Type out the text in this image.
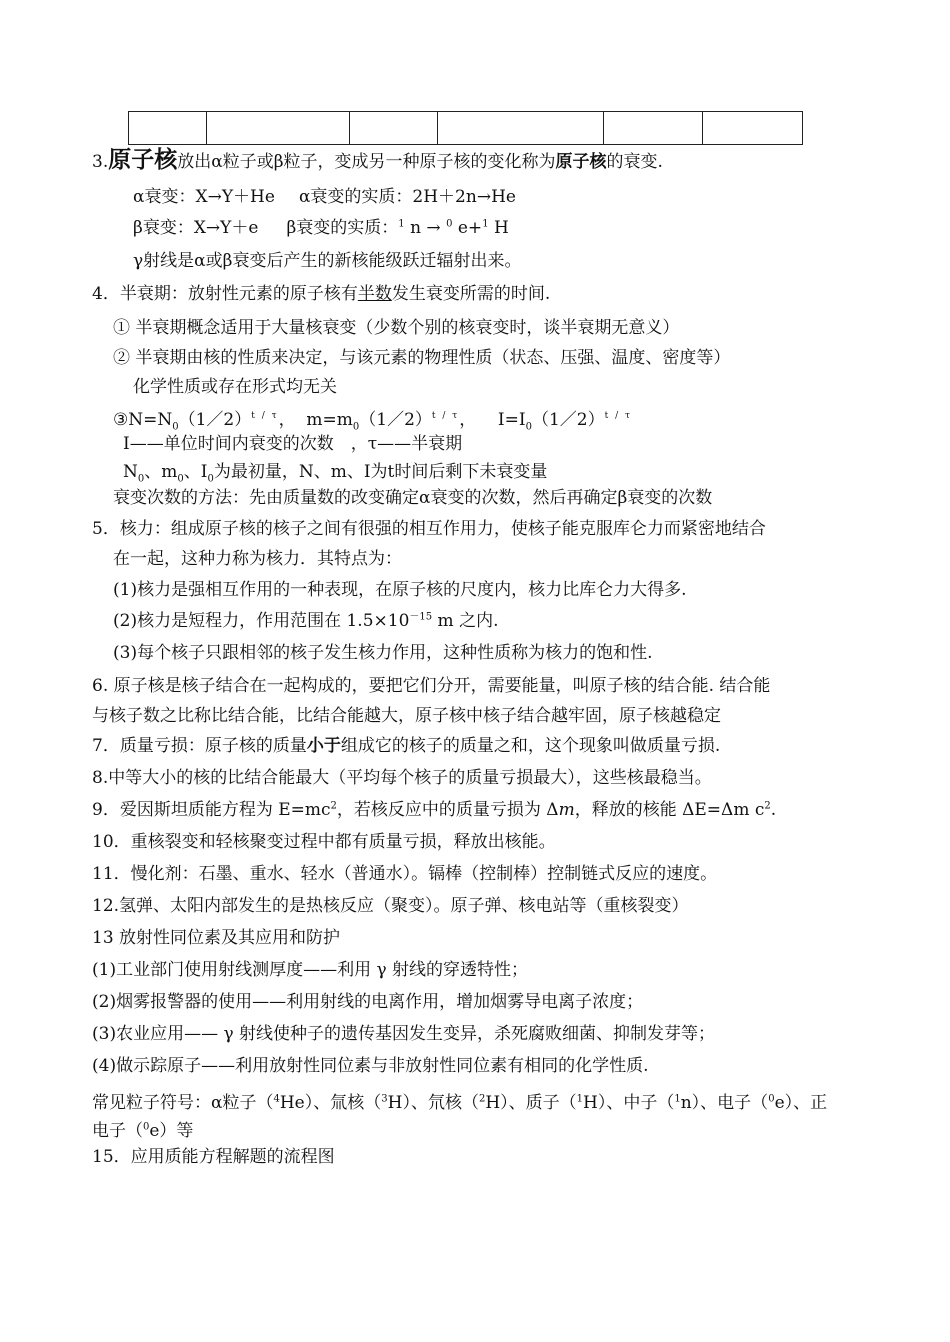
3.原子核放出α粒子或β粒子，变成另一种原子核的变化称为原子核的衰变.
α衰变：X→Y＋He α衰变的实质：2H＋2n→He
β衰变：X→Y＋e β衰变的实质：$^1$ n → $^0$ e+$^1$ H
γ射线是α或β衰变后产生的新核能级跃迁辐射出来。
4．半衰期：放射性元素的原子核有半数发生衰变所需的时间.
① 半衰期概念适用于大量核衰变（少数个别的核衰变时，谈半衰期无意义）
② 半衰期由核的性质来决定，与该元素的物理性质（状态、压强、温度、密度等）
化学性质或存在形式均无关
$③N=N_0(1/2)^{t / \tau}$， $m=m_0(1/2)^{t / \tau}$， $I=I_0(1/2)^{t / \tau}$
I——单位时间内衰变的次数　，τ——半衰期
$N_0$、$m_0$、$I_0$为最初量，N、m、I为t时间后剩下未衰变量
衰变次数的方法：先由质量数的改变确定α衰变的次数，然后再确定β衰变的次数
5．核力：组成原子核的核子之间有很强的相互作用力，使核子能克服库仑力而紧密地结合
在一起，这种力称为核力．其特点为：
(1)核力是强相互作用的一种表现，在原子核的尺度内，核力比库仑力大得多.
(2)核力是短程力，作用范围在 $1.5\times 10^{-15}$ m 之内.
(3)每个核子只跟相邻的核子发生核力作用，这种性质称为核力的饱和性.
6. 原子核是核子结合在一起构成的，要把它们分开，需要能量，叫原子核的结合能. 结合能
与核子数之比称比结合能，比结合能越大，原子核中核子结合越牢固，原子核越稳定
7．质量亏损：原子核的质量小于组成它的核子的质量之和，这个现象叫做质量亏损.
8.中等大小的核的比结合能最大（平均每个核子的质量亏损最大），这些核最稳当。
9．爱因斯坦质能方程为 $E=mc^2$，若核反应中的质量亏损为 Δm，释放的核能 ΔE=Δm $c^2$.
10．重核裂变和轻核聚变过程中都有质量亏损，释放出核能。
11．慢化剂：石墨、重水、轻水（普通水）。镉棒（控制棒）控制链式反应的速度。
12.氢弹、太阳内部发生的是热核反应（聚变）。原子弹、核电站等（重核裂变）
13 放射性同位素及其应用和防护
(1)工业部门使用射线测厚度——利用 γ 射线的穿透特性；
(2)烟雾报警器的使用——利用射线的电离作用，增加烟雾导电离子浓度；
(3)农业应用—— γ 射线使种子的遗传基因发生变异，杀死腐败细菌、抑制发芽等；
(4)做示踪原子——利用放射性同位素与非放射性同位素有相同的化学性质.
常见粒子符号：α粒子（$^4$He）、氚核（$^3$H）、氘核（$^2$H）、质子（$^1$H）、中子（$^1$n）、电子（$^0$e）、正
电子（$^0$e）等
15．应用质能方程解题的流程图
